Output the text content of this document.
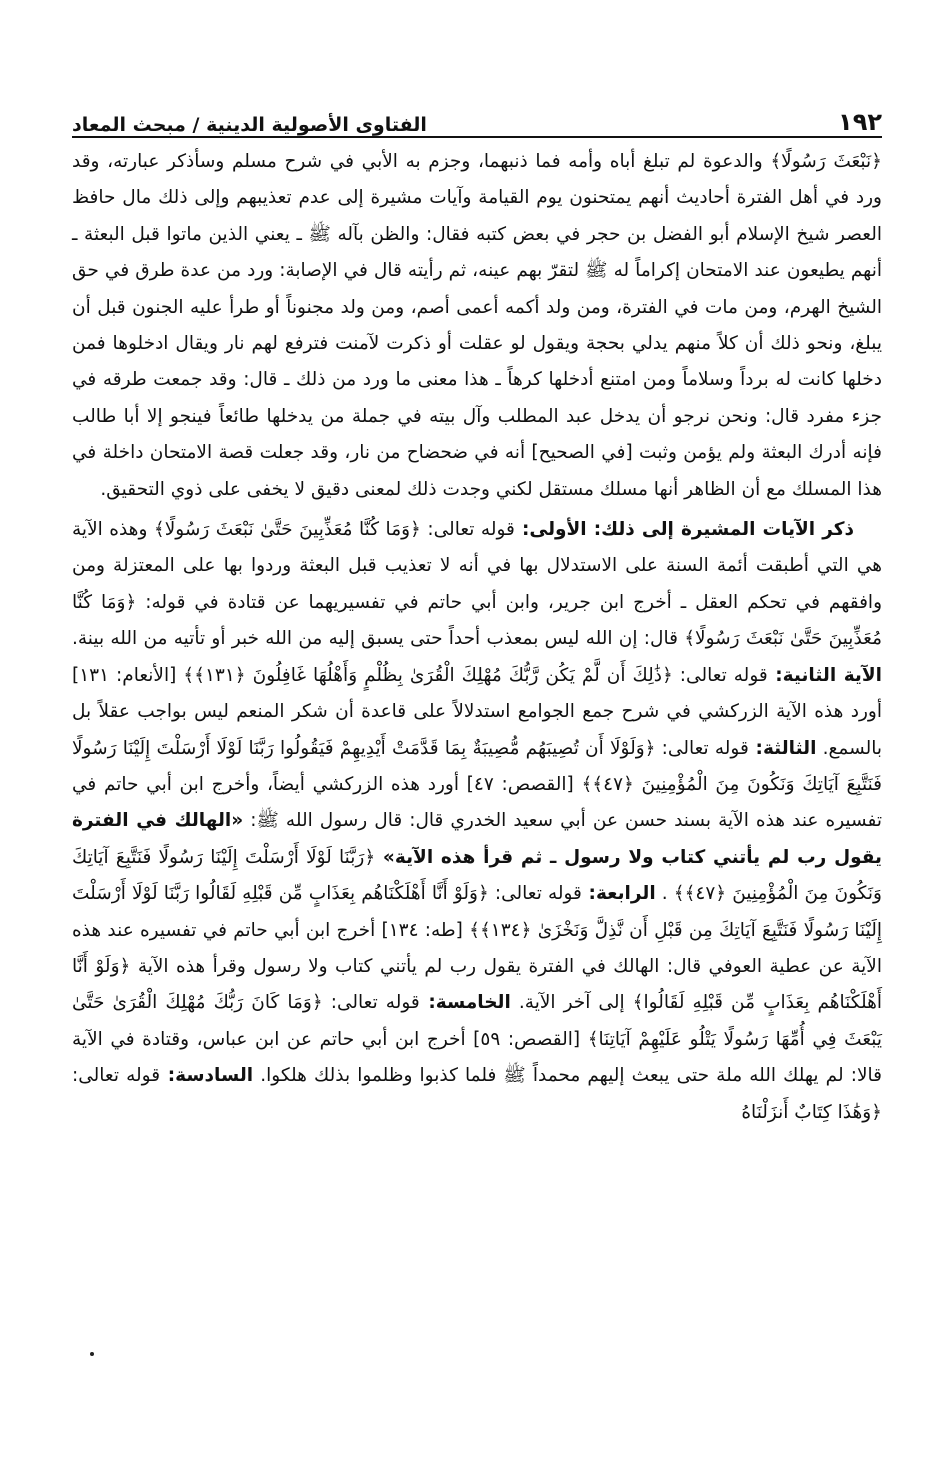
١٩٢
الفتاوى الأصولية الدينية / مبحث المعاد

﴿نَبْعَثَ رَسُولًا﴾ والدعوة لم تبلغ أباه وأمه فما ذنبهما، وجزم به الأبي في شرح مسلم وسأذكر عبارته، وقد ورد في أهل الفترة أحاديث أنهم يمتحنون يوم القيامة وآيات مشيرة إلى عدم تعذيبهم وإلى ذلك مال حافظ العصر شيخ الإسلام أبو الفضل بن حجر في بعض كتبه فقال: والظن بآله ﷺ ـ يعني الذين ماتوا قبل البعثة ـ أنهم يطيعون عند الامتحان إكراماً له ﷺ لتقرّ بهم عينه، ثم رأيته قال في الإصابة: ورد من عدة طرق في حق الشيخ الهرم، ومن مات في الفترة، ومن ولد أكمه أعمى أصم، ومن ولد مجنوناً أو طرأ عليه الجنون قبل أن يبلغ، ونحو ذلك أن كلاً منهم يدلي بحجة ويقول لو عقلت أو ذكرت لآمنت فترفع لهم نار ويقال ادخلوها فمن دخلها كانت له برداً وسلاماً ومن امتنع أدخلها كرهاً ـ هذا معنى ما ورد من ذلك ـ قال: وقد جمعت طرقه في جزء مفرد قال: ونحن نرجو أن يدخل عبد المطلب وآل بيته في جملة من يدخلها طائعاً فينجو إلا أبا طالب فإنه أدرك البعثة ولم يؤمن وثبت [في الصحيح] أنه في ضحضاح من نار، وقد جعلت قصة الامتحان داخلة في هذا المسلك مع أن الظاهر أنها مسلك مستقل لكني وجدت ذلك لمعنى دقيق لا يخفى على ذوي التحقيق.

ذكر الآيات المشيرة إلى ذلك: الأولى: قوله تعالى: ﴿وَمَا كُنَّا مُعَذِّبِينَ حَتَّىٰ نَبْعَثَ رَسُولًا﴾ وهذه الآية هي التي أطبقت أئمة السنة على الاستدلال بها في أنه لا تعذيب قبل البعثة وردوا بها على المعتزلة ومن وافقهم في تحكم العقل ـ أخرج ابن جرير، وابن أبي حاتم في تفسيريهما عن قتادة في قوله: ﴿وَمَا كُنَّا مُعَذِّبِينَ حَتَّىٰ نَبْعَثَ رَسُولًا﴾ قال: إن الله ليس بمعذب أحداً حتى يسبق إليه من الله خبر أو تأتيه من الله بينة. الآية الثانية: قوله تعالى: ﴿ذَٰلِكَ أَن لَّمْ يَكُن رَّبُّكَ مُهْلِكَ الْقُرَىٰ بِظُلْمٍ وَأَهْلُهَا غَافِلُونَ ﴿١٣١﴾﴾ [الأنعام: ١٣١] أورد هذه الآية الزركشي في شرح جمع الجوامع استدلالاً على قاعدة أن شكر المنعم ليس بواجب عقلاً بل بالسمع. الثالثة: قوله تعالى: ﴿وَلَوْلَا أَن تُصِيبَهُم مُّصِيبَةٌ بِمَا قَدَّمَتْ أَيْدِيهِمْ فَيَقُولُوا رَبَّنَا لَوْلَا أَرْسَلْتَ إِلَيْنَا رَسُولًا فَنَتَّبِعَ آيَاتِكَ وَنَكُونَ مِنَ الْمُؤْمِنِينَ ﴿٤٧﴾﴾ [القصص: ٤٧] أورد هذه الزركشي أيضاً، وأخرج ابن أبي حاتم في تفسيره عند هذه الآية بسند حسن عن أبي سعيد الخدري قال: قال رسول الله ﷺ: «الهالك في الفترة يقول رب لم يأتني كتاب ولا رسول ـ ثم قرأ هذه الآية» ﴿رَبَّنَا لَوْلَا أَرْسَلْتَ إِلَيْنَا رَسُولًا فَنَتَّبِعَ آيَاتِكَ وَنَكُونَ مِنَ الْمُؤْمِنِينَ ﴿٤٧﴾﴾ . الرابعة: قوله تعالى: ﴿وَلَوْ أَنَّا أَهْلَكْنَاهُم بِعَذَابٍ مِّن قَبْلِهِ لَقَالُوا رَبَّنَا لَوْلَا أَرْسَلْتَ إِلَيْنَا رَسُولًا فَنَتَّبِعَ آيَاتِكَ مِن قَبْلِ أَن نَّذِلَّ وَنَخْزَىٰ ﴿١٣٤﴾﴾ [طه: ١٣٤] أخرج ابن أبي حاتم في تفسيره عند هذه الآية عن عطية العوفي قال: الهالك في الفترة يقول رب لم يأتني كتاب ولا رسول وقرأ هذه الآية ﴿وَلَوْ أَنَّا أَهْلَكْنَاهُم بِعَذَابٍ مِّن قَبْلِهِ لَقَالُوا﴾ إلى آخر الآية. الخامسة: قوله تعالى: ﴿وَمَا كَانَ رَبُّكَ مُهْلِكَ الْقُرَىٰ حَتَّىٰ يَبْعَثَ فِي أُمِّهَا رَسُولًا يَتْلُو عَلَيْهِمْ آيَاتِنَا﴾ [القصص: ٥٩] أخرج ابن أبي حاتم عن ابن عباس، وقتادة في الآية قالا: لم يهلك الله ملة حتى يبعث إليهم محمداً ﷺ فلما كذبوا وظلموا بذلك هلكوا. السادسة: قوله تعالى: ﴿وَهَٰذَا كِتَابٌ أَنزَلْنَاهُ
